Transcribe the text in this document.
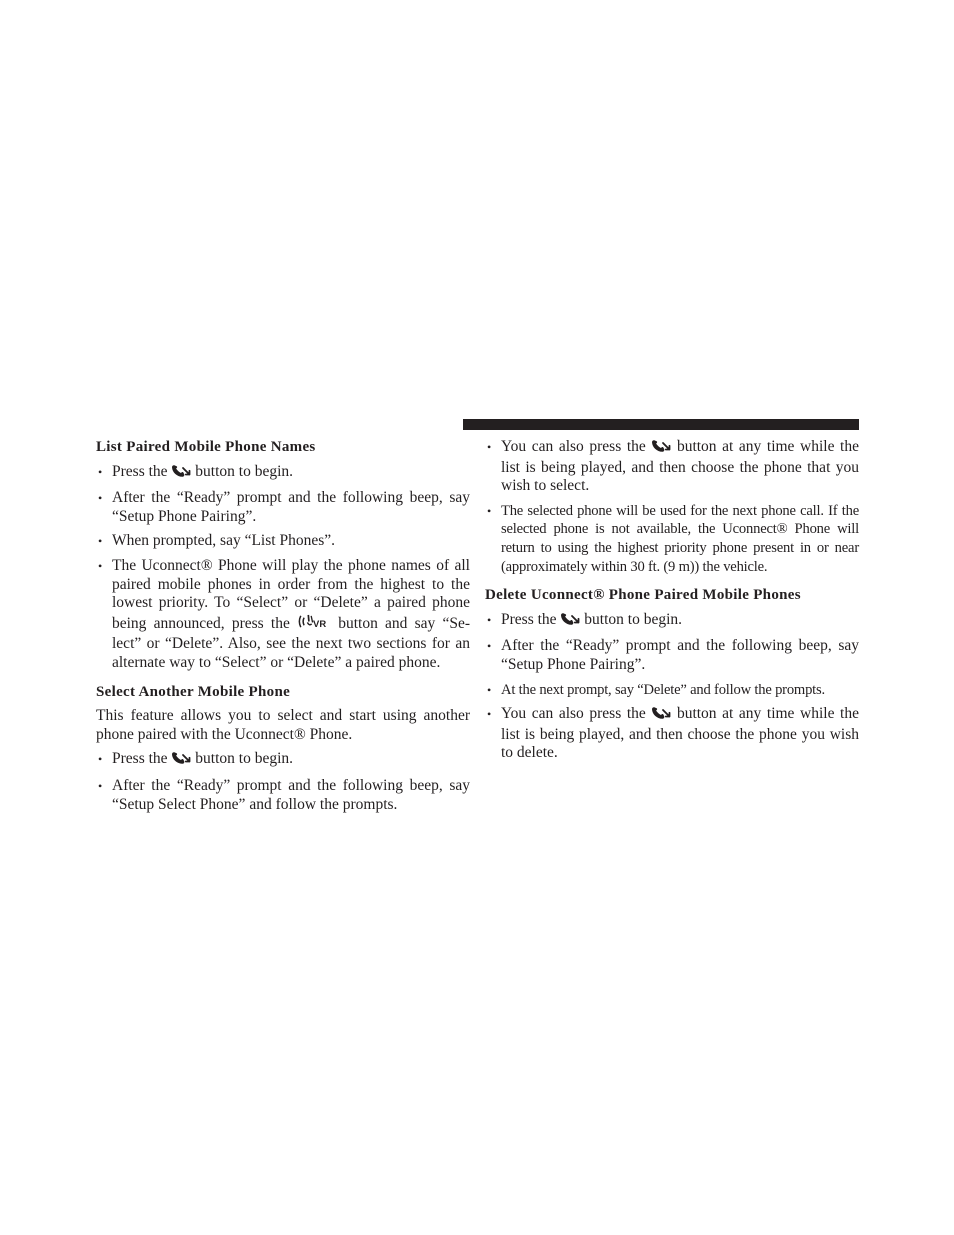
List Paired Mobile Phone Names
• Press the  button to begin.
• After the “Ready” prompt and the following beep, say “Setup Phone Pairing”.
• When prompted, say “List Phones”.
• The Uconnect® Phone will play the phone names of all paired mobile phones in order from the highest to the lowest priority. To “Select” or “Delete” a paired phone being announced, press the  button and say “Se-lect” or “Delete”. Also, see the next two sections for an alternate way to “Select” or “Delete” a paired phone.
Select Another Mobile Phone

This feature allows you to select and start using another phone paired with the Uconnect® Phone.

• Press the  button to begin.
• After the “Ready” prompt and the following beep, say “Setup Select Phone” and follow the prompts.
• You can also press the  button at any time while the list is being played, and then choose the phone that you wish to select.
• The selected phone will be used for the next phone call. If the selected phone is not available, the Uconnect® Phone will return to using the highest priority phone present in or near (approximately within 30 ft. (9 m)) the vehicle.
Delete Uconnect® Phone Paired Mobile Phones
• Press the  button to begin.
• After the “Ready” prompt and the following beep, say “Setup Phone Pairing”.
• At the next prompt, say “Delete” and follow the prompts.
• You can also press the  button at any time while the list is being played, and then choose the phone you wish to delete.
